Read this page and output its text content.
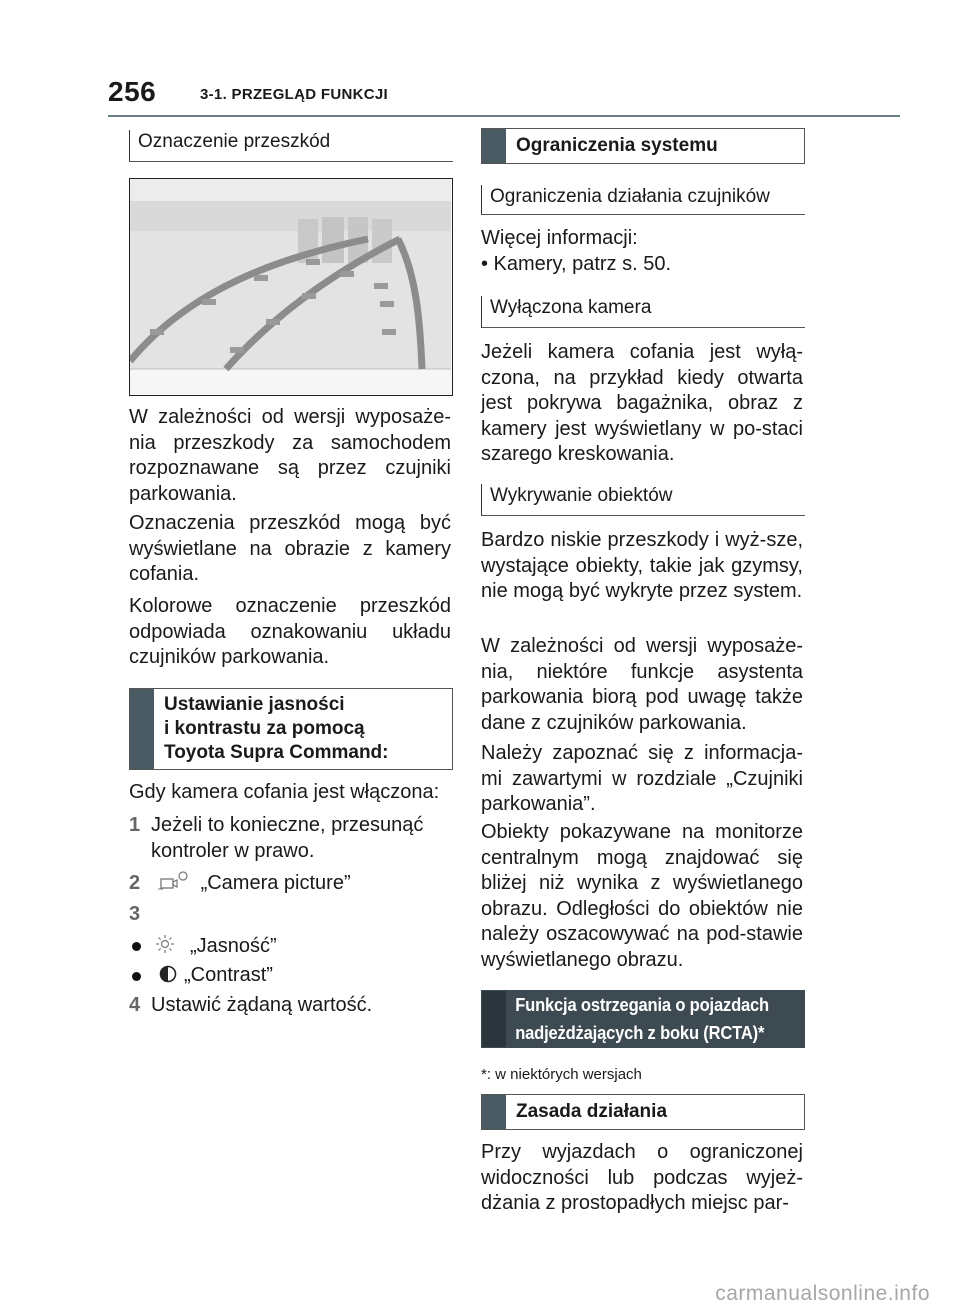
256	3-1. PRZEGLĄD FUNKCJI
Oznaczenie przeszkód
W zależności od wersji wyposaże-nia przeszkody za samochodem rozpoznawane są przez czujniki parkowania.
Oznaczenia przeszkód mogą być wyświetlane na obrazie z kamery cofania.
Kolorowe oznaczenie przeszkód odpowiada oznakowaniu układu czujników parkowania.
Ustawianie jasności
i kontrastu za pomocą
Toyota Supra Command:
Gdy kamera cofania jest włączona:
1 Jeżeli to konieczne, przesunąć
kontroler w prawo.
2	„Camera picture”
3
„Jasność”
„Contrast”
4 Ustawić żądaną wartość.
Ograniczenia systemu
Ograniczenia działania czujników
Więcej informacji:
• Kamery, patrz s. 50.
Wyłączona kamera
Jeżeli kamera cofania jest wyłą-czona, na przykład kiedy otwarta jest pokrywa bagażnika, obraz z kamery jest wyświetlany w po-staci szarego kreskowania.
Wykrywanie obiektów
Bardzo niskie przeszkody i wyż-sze, wystające obiekty, takie jak gzymsy, nie mogą być wykryte przez system.
W zależności od wersji wyposaże-nia, niektóre funkcje asystenta parkowania biorą pod uwagę także dane z czujników parkowania.
Należy zapoznać się z informacja-mi zawartymi w rozdziale „Czujniki parkowania”.
Obiekty pokazywane na monitorze centralnym mogą znajdować się bliżej niż wynika z wyświetlanego obrazu. Odległości do obiektów nie należy oszacowywać na pod-stawie wyświetlanego obrazu.
Funkcja ostrzegania o pojazdach
nadjeżdżających z boku (RCTA)*
*: w niektórych wersjach
Zasada działania
Przy wyjazdach o ograniczonej widoczności lub podczas wyjeż-dżania z prostopadłych miejsc par-
carmanualsonline.info
